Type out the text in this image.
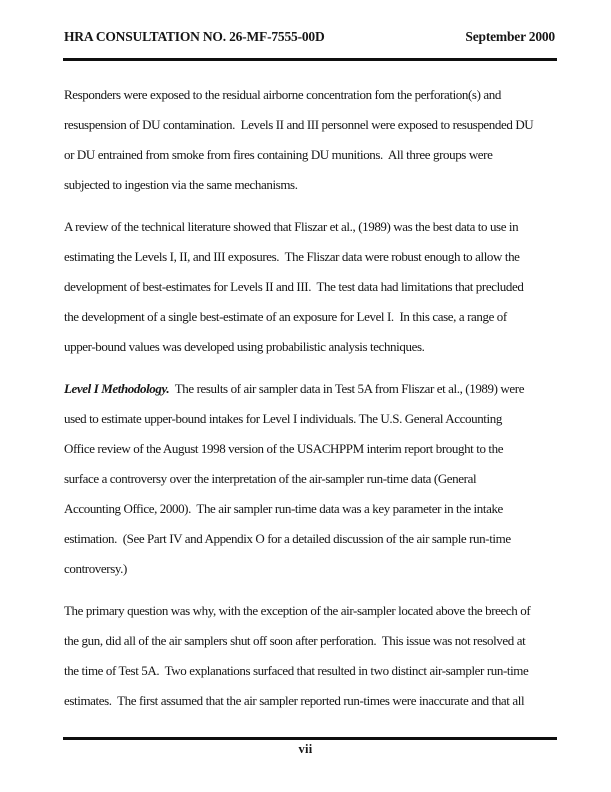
HRA CONSULTATION NO. 26-MF-7555-00D	September 2000
Responders were exposed to the residual airborne concentration fom the perforation(s) and
resuspension of DU contamination.  Levels II and III personnel were exposed to resuspended DU
or DU entrained from smoke from fires containing DU munitions.  All three groups were
subjected to ingestion via the same mechanisms.
A review of the technical literature showed that Fliszar et al., (1989) was the best data to use in
estimating the Levels I, II, and III exposures.  The Fliszar data were robust enough to allow the
development of best-estimates for Levels II and III.  The test data had limitations that precluded
the development of a single best-estimate of an exposure for Level I.  In this case, a range of
upper-bound values was developed using probabilistic analysis techniques.
Level I Methodology.  The results of air sampler data in Test 5A from Fliszar et al., (1989) were
used to estimate upper-bound intakes for Level I individuals. The U.S. General Accounting
Office review of the August 1998 version of the USACHPPM interim report brought to the
surface a controversy over the interpretation of the air-sampler run-time data (General
Accounting Office, 2000).  The air sampler run-time data was a key parameter in the intake
estimation.  (See Part IV and Appendix O for a detailed discussion of the air sample run-time
controversy.)
The primary question was why, with the exception of the air-sampler located above the breech of
the gun, did all of the air samplers shut off soon after perforation.  This issue was not resolved at
the time of Test 5A.  Two explanations surfaced that resulted in two distinct air-sampler run-time
estimates.  The first assumed that the air sampler reported run-times were inaccurate and that all
vii
